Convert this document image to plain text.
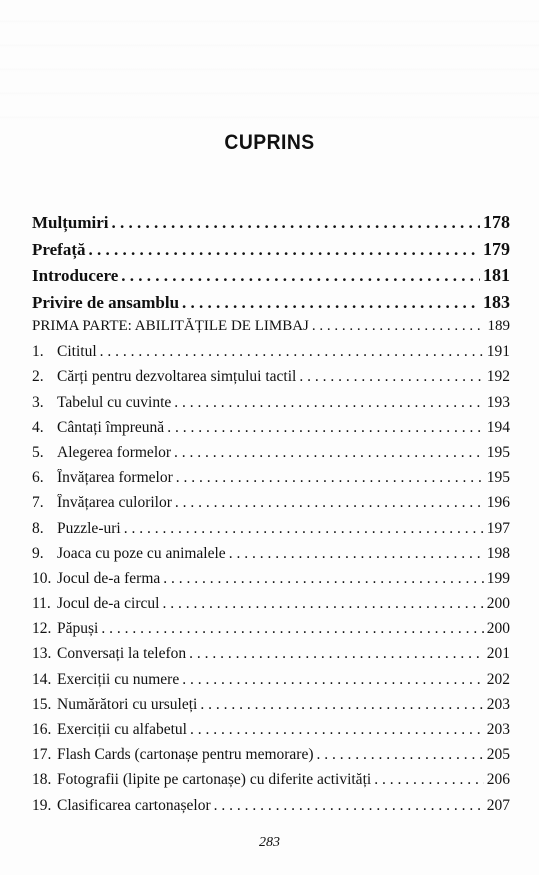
CUPRINS
Mulțumiri . . .	178
Prefață . . .	179
Introducere . . .	181
Privire de ansamblu . . .	183
PRIMA PARTE: ABILITĂȚILE DE LIMBAJ . . .	189
1. Cititul . . .	191
2. Cărți pentru dezvoltarea simțului tactil . . .	192
3. Tabelul cu cuvinte . . .	193
4. Cântați împreună . . .	194
5. Alegerea formelor . . .	195
6. Învățarea formelor . . .	195
7. Învățarea culorilor . . .	196
8. Puzzle-uri . . .	197
9. Joaca cu poze cu animalele . . .	198
10. Jocul de-a ferma . . .	199
11. Jocul de-a circul . . .	200
12. Păpuși . . .	200
13. Conversați la telefon . . .	201
14. Exerciții cu numere . . .	202
15. Numărători cu ursuleți . . .	203
16. Exerciții cu alfabetul . . .	203
17. Flash Cards (cartonașe pentru memorare) . . .	205
18. Fotografii (lipite pe cartonașe) cu diferite activități . . .	206
19. Clasificarea cartonașelor . . .	207
283
